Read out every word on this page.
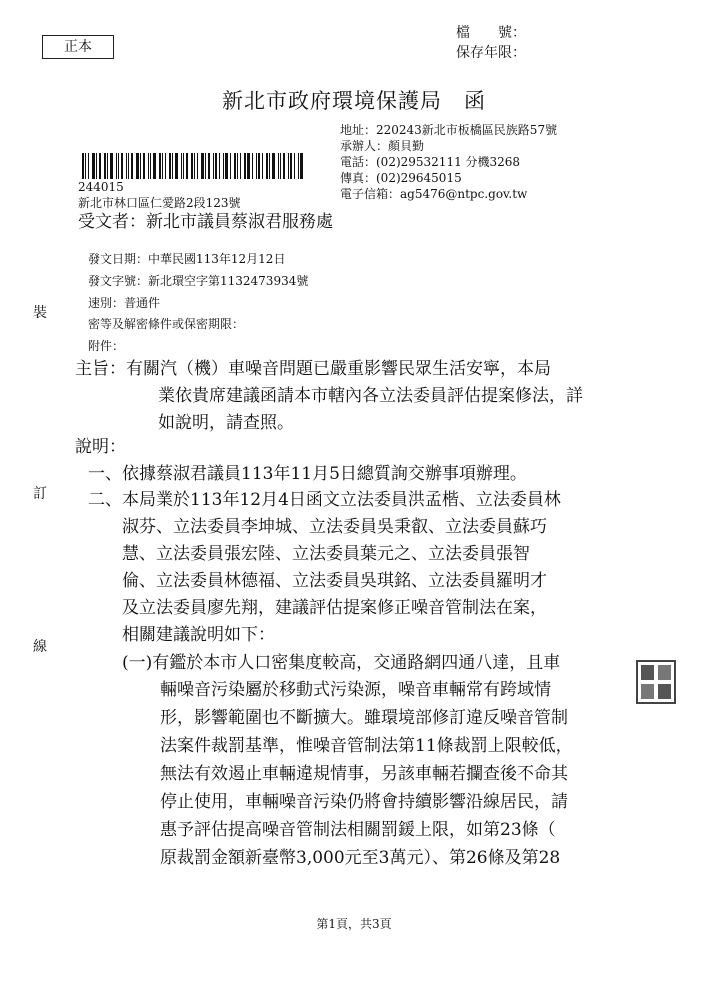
正本
檔　　號：
保存年限：
新北市政府環境保護局　函
地址：220243新北市板橋區民族路57號
承辦人：顏貝勤
電話：(02)29532111 分機3268
傳真：(02)29645015
電子信箱：ag5476@ntpc.gov.tw
244015
新北市林口區仁愛路2段123號
受文者：新北市議員蔡淑君服務處
發文日期：中華民國113年12月12日
發文字號：新北環空字第1132473934號
速別：普通件
密等及解密條件或保密期限：
附件：
裝
訂
線
主旨：有關汽（機）車噪音問題已嚴重影響民眾生活安寧，本局
業依貴席建議函請本市轄內各立法委員評估提案修法，詳
如說明，請查照。
說明：
一、依據蔡淑君議員113年11月5日總質詢交辦事項辦理。
二、本局業於113年12月4日函文立法委員洪孟楷、立法委員林
淑芬、立法委員李坤城、立法委員吳秉叡、立法委員蘇巧
慧、立法委員張宏陸、立法委員葉元之、立法委員張智
倫、立法委員林德福、立法委員吳琪銘、立法委員羅明才
及立法委員廖先翔，建議評估提案修正噪音管制法在案，
相關建議說明如下：
(一)有鑑於本市人口密集度較高，交通路網四通八達，且車
輛噪音污染屬於移動式污染源，噪音車輛常有跨域情
形，影響範圍也不斷擴大。雖環境部修訂違反噪音管制
法案件裁罰基準，惟噪音管制法第11條裁罰上限較低，
無法有效遏止車輛違規情事，另該車輛若攔查後不命其
停止使用，車輛噪音污染仍將會持續影響沿線居民，請
惠予評估提高噪音管制法相關罰鍰上限，如第23條（
原裁罰金額新臺幣3,000元至3萬元）、第26條及第28
第1頁，共3頁
